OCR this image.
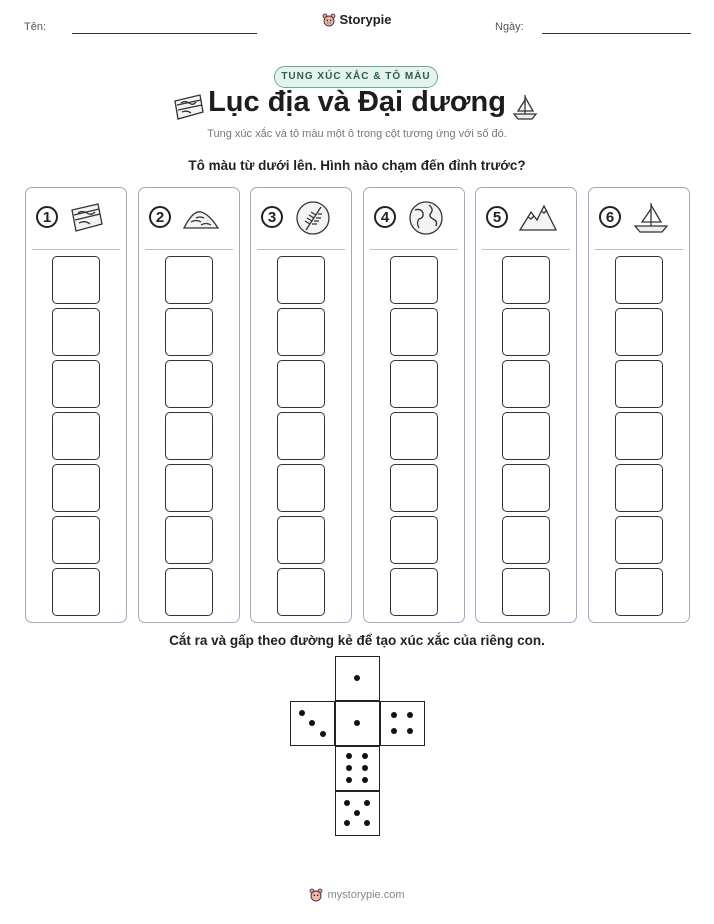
Tên:	Storypie	Ngày:
TUNG XÚC XẮC & TÔ MÀU
Lục địa và Đại dương
Tung xúc xắc và tô màu một ô trong cột tương ứng với số đó.
Tô màu từ dưới lên. Hình nào chạm đến đỉnh trước?
1	2	3	4	5	6
Cắt ra và gấp theo đường kẻ để tạo xúc xắc của riêng con.
mystorypie.com
